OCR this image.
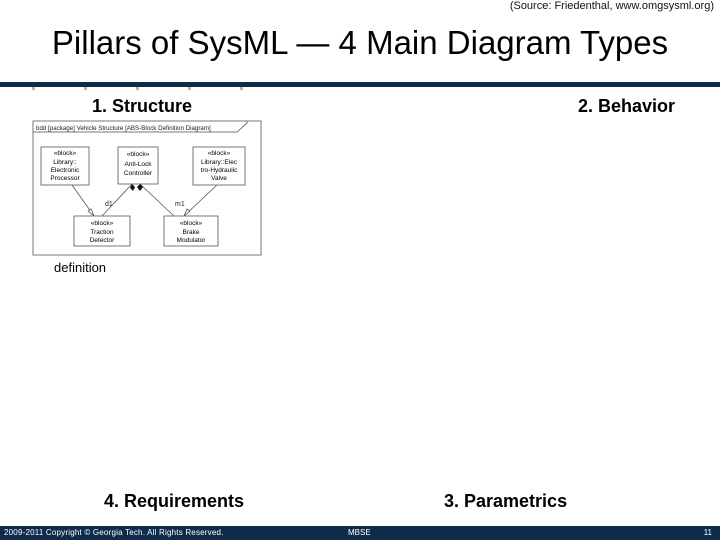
(Source: Friedenthal, www.omgsysml.org)
Pillars of SysML — 4 Main Diagram Types
1. Structure	2. Behavior
4. Requirements	3. Parametrics
bdd [package] Vehicle Structure [ABS-Block Definition Diagram]
d1	m1
«block»
Library::
Electronic
Processor
«block»
Anti-Lock
Controller
«block»
Library::Elec
tro-Hydraulic
Valve
«block»
Traction
Detector
«block»
Brake
Modulator
definition
2009-2011 Copyright © Georgia Tech. All Rights Reserved.	MBSE	11
